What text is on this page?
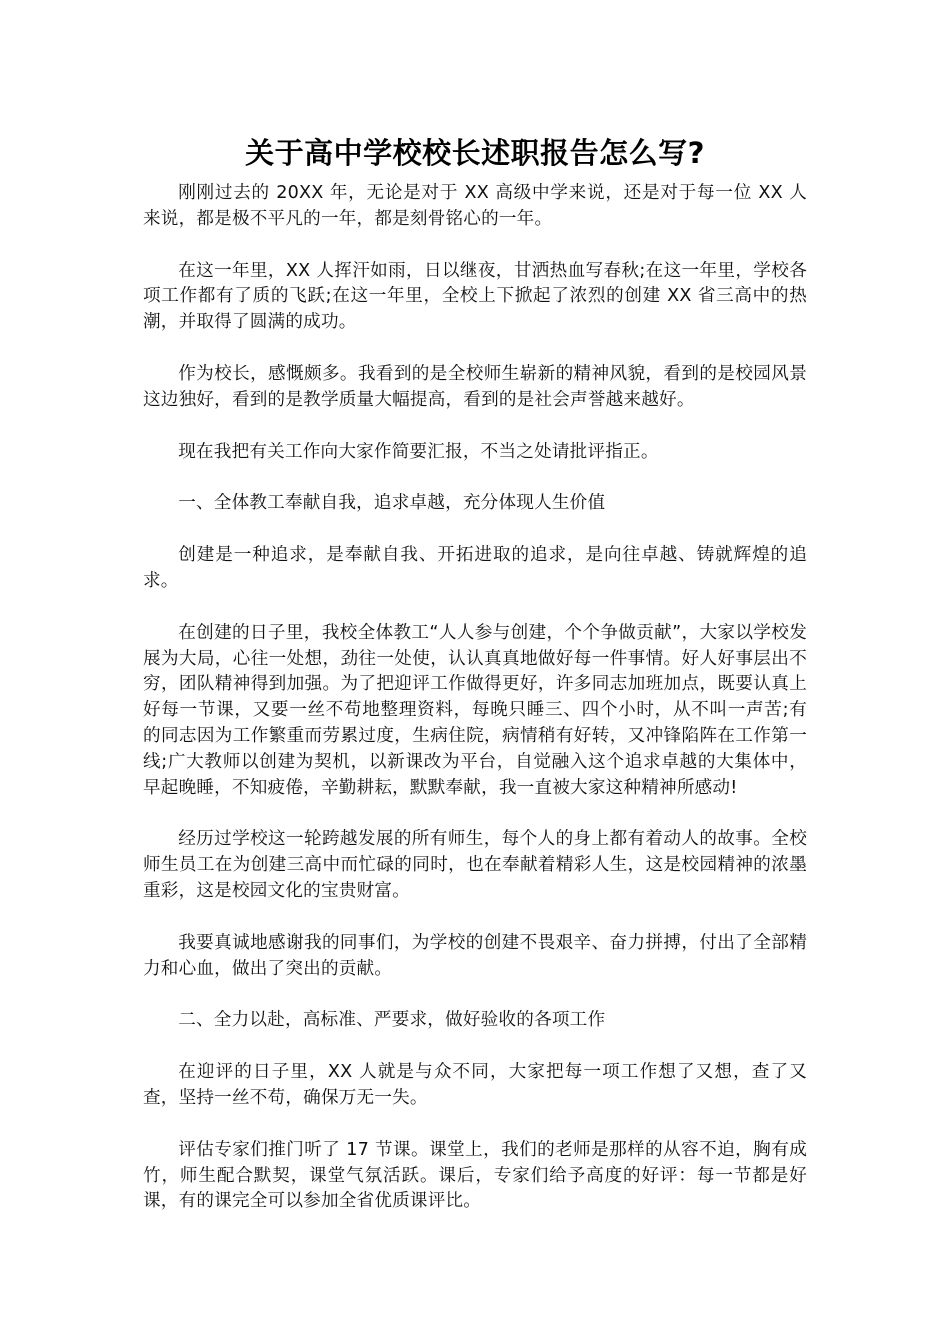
关于高中学校校长述职报告怎么写?

刚刚过去的 20XX 年，无论是对于 XX 高级中学来说，还是对于每一位 XX 人来说，都是极不平凡的一年，都是刻骨铭心的一年。

在这一年里，XX 人挥汗如雨，日以继夜，甘洒热血写春秋;在这一年里，学校各项工作都有了质的飞跃;在这一年里，全校上下掀起了浓烈的创建 XX 省三高中的热潮，并取得了圆满的成功。

作为校长，感慨颇多。我看到的是全校师生崭新的精神风貌，看到的是校园风景这边独好，看到的是教学质量大幅提高，看到的是社会声誉越来越好。

现在我把有关工作向大家作简要汇报，不当之处请批评指正。

一、全体教工奉献自我，追求卓越，充分体现人生价值

创建是一种追求，是奉献自我、开拓进取的追求，是向往卓越、铸就辉煌的追求。

在创建的日子里，我校全体教工“人人参与创建，个个争做贡献”，大家以学校发展为大局，心往一处想，劲往一处使，认认真真地做好每一件事情。好人好事层出不穷，团队精神得到加强。为了把迎评工作做得更好，许多同志加班加点，既要认真上好每一节课，又要一丝不苟地整理资料，每晚只睡三、四个小时，从不叫一声苦;有的同志因为工作繁重而劳累过度，生病住院，病情稍有好转，又冲锋陷阵在工作第一线;广大教师以创建为契机，以新课改为平台，自觉融入这个追求卓越的大集体中，早起晚睡，不知疲倦，辛勤耕耘，默默奉献，我一直被大家这种精神所感动!

经历过学校这一轮跨越发展的所有师生，每个人的身上都有着动人的故事。全校师生员工在为创建三高中而忙碌的同时，也在奉献着精彩人生，这是校园精神的浓墨重彩，这是校园文化的宝贵财富。

我要真诚地感谢我的同事们，为学校的创建不畏艰辛、奋力拼搏，付出了全部精力和心血，做出了突出的贡献。

二、全力以赴，高标准、严要求，做好验收的各项工作

在迎评的日子里，XX 人就是与众不同，大家把每一项工作想了又想，查了又查，坚持一丝不苟，确保万无一失。

评估专家们推门听了 17 节课。课堂上，我们的老师是那样的从容不迫，胸有成竹，师生配合默契，课堂气氛活跃。课后，专家们给予高度的好评：每一节都是好课，有的课完全可以参加全省优质课评比。
